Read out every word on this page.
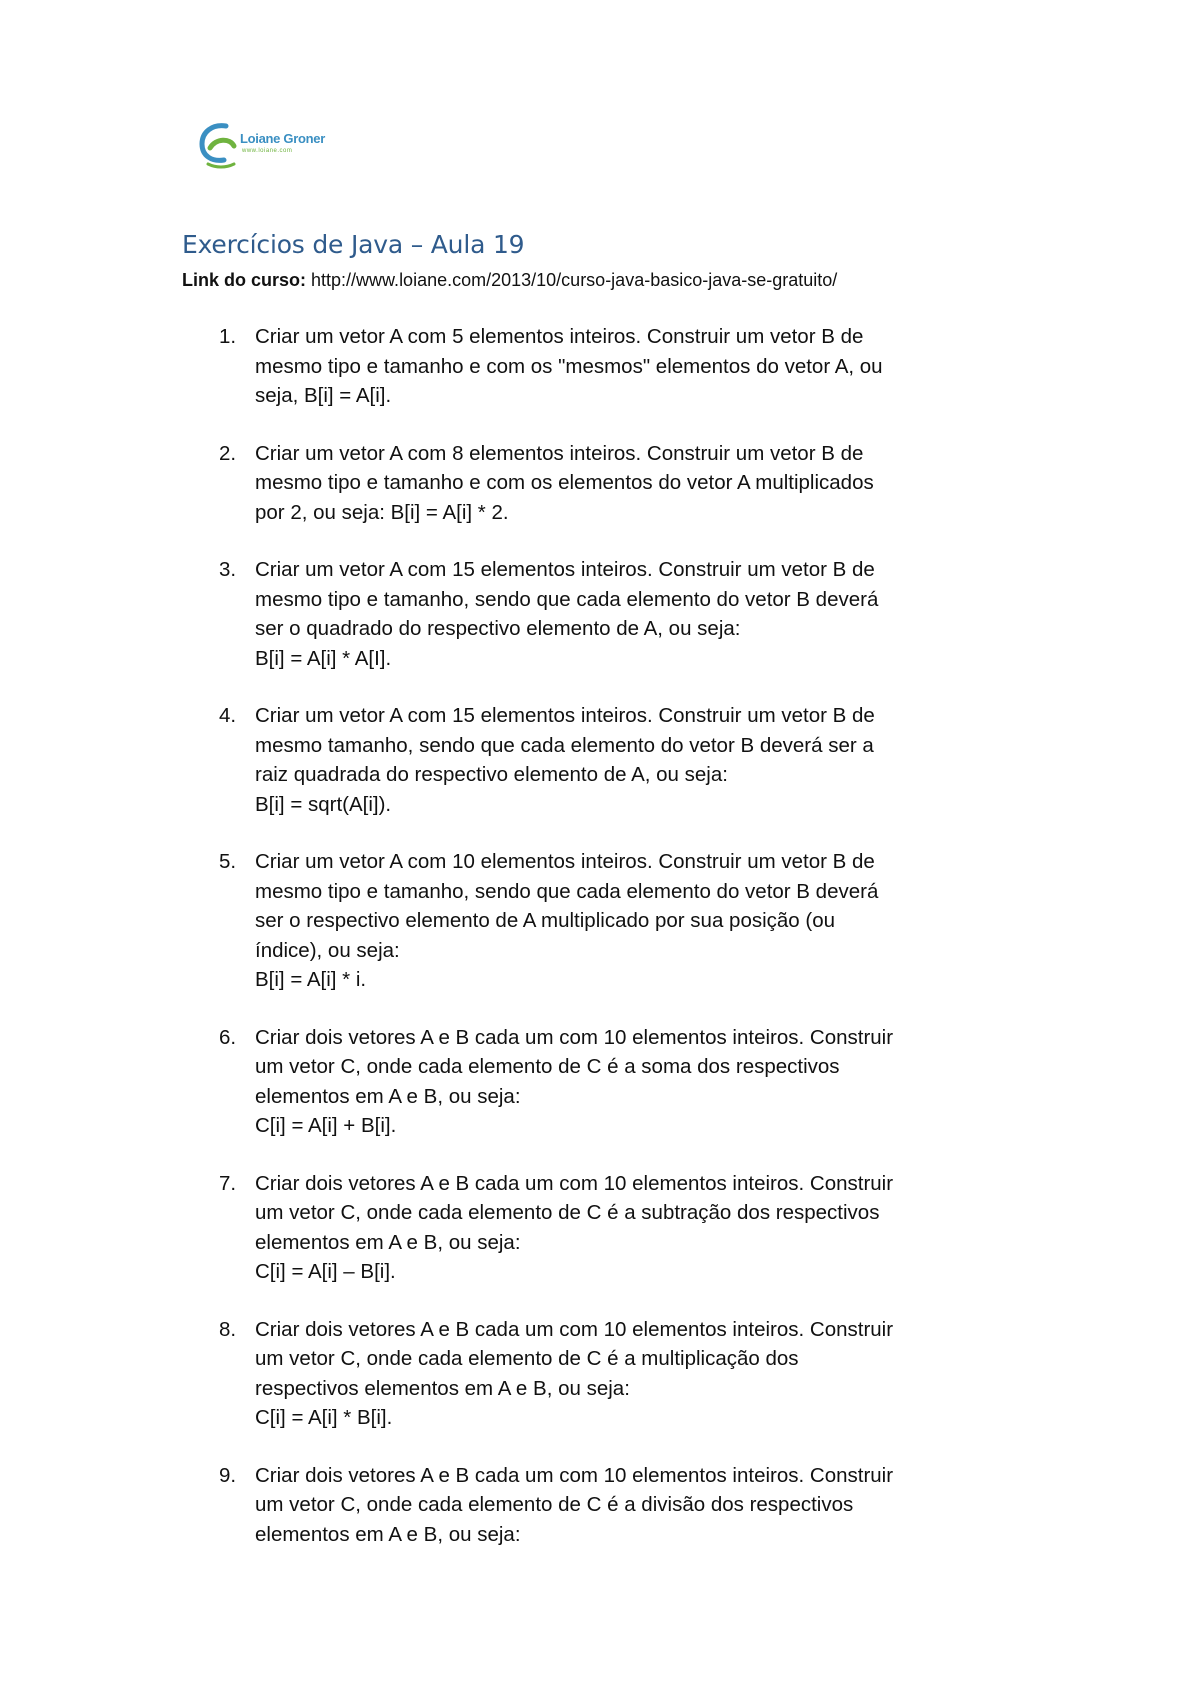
Loiane Groner
www.loiane.com
Exercícios de Java – Aula 19
Link do curso: http://www.loiane.com/2013/10/curso-java-basico-java-se-gratuito/
1. Criar um vetor A com 5 elementos inteiros. Construir um vetor B de
mesmo tipo e tamanho e com os "mesmos" elementos do vetor A, ou
seja, B[i] = A[i].
2. Criar um vetor A com 8 elementos inteiros. Construir um vetor B de
mesmo tipo e tamanho e com os elementos do vetor A multiplicados
por 2, ou seja: B[i] = A[i] * 2.
3. Criar um vetor A com 15 elementos inteiros. Construir um vetor B de
mesmo tipo e tamanho, sendo que cada elemento do vetor B deverá
ser o quadrado do respectivo elemento de A, ou seja:
B[i] = A[i] * A[I].
4. Criar um vetor A com 15 elementos inteiros. Construir um vetor B de
mesmo tamanho, sendo que cada elemento do vetor B deverá ser a
raiz quadrada do respectivo elemento de A, ou seja:
B[i] = sqrt(A[i]).
5. Criar um vetor A com 10 elementos inteiros. Construir um vetor B de
mesmo tipo e tamanho, sendo que cada elemento do vetor B deverá
ser o respectivo elemento de A multiplicado por sua posição (ou
índice), ou seja:
B[i] = A[i] * i.
6. Criar dois vetores A e B cada um com 10 elementos inteiros. Construir
um vetor C, onde cada elemento de C é a soma dos respectivos
elementos em A e B, ou seja:
C[i] = A[i] + B[i].
7. Criar dois vetores A e B cada um com 10 elementos inteiros. Construir
um vetor C, onde cada elemento de C é a subtração dos respectivos
elementos em A e B, ou seja:
C[i] = A[i] – B[i].
8. Criar dois vetores A e B cada um com 10 elementos inteiros. Construir
um vetor C, onde cada elemento de C é a multiplicação dos
respectivos elementos em A e B, ou seja:
C[i] = A[i] * B[i].
9. Criar dois vetores A e B cada um com 10 elementos inteiros. Construir
um vetor C, onde cada elemento de C é a divisão dos respectivos
elementos em A e B, ou seja:
